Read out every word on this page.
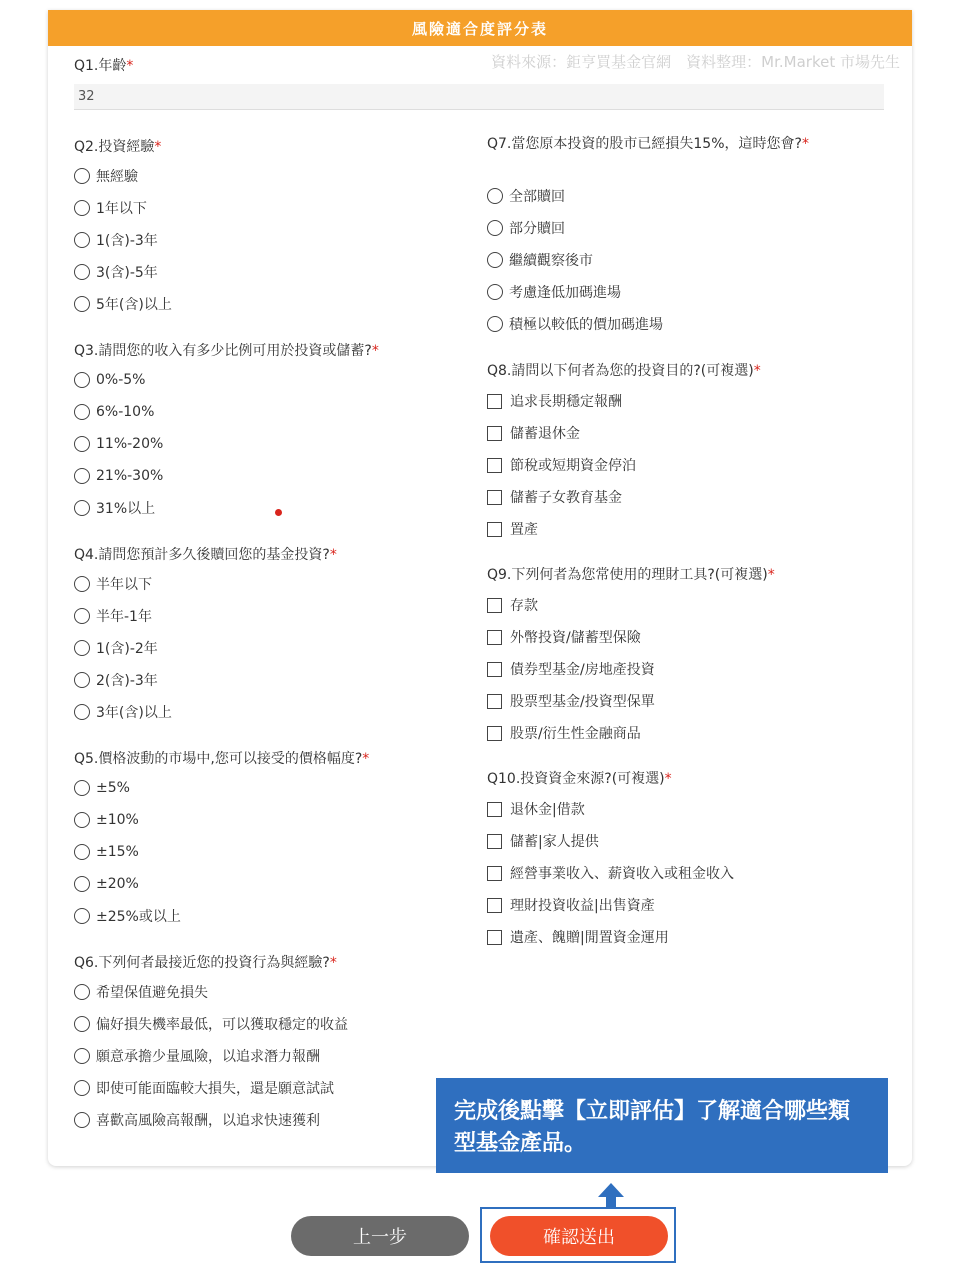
風險適合度評分表
資料來源：鉅亨買基金官網　資料整理：Mr.Market 市場先生
Q1.年齡*
32
Q2.投資經驗*
無經驗
1年以下
1(含)-3年
3(含)-5年
5年(含)以上
Q3.請問您的收入有多少比例可用於投資或儲蓄?*
0%-5%
6%-10%
11%-20%
21%-30%
31%以上
Q4.請問您預計多久後贖回您的基金投資?*
半年以下
半年-1年
1(含)-2年
2(含)-3年
3年(含)以上
Q5.價格波動的市場中,您可以接受的價格幅度?*
±5%
±10%
±15%
±20%
±25%或以上
Q6.下列何者最接近您的投資行為與經驗?*
希望保值避免損失
偏好損失機率最低，可以獲取穩定的收益
願意承擔少量風險，以追求潛力報酬
即使可能面臨較大損失，還是願意試試
喜歡高風險高報酬，以追求快速獲利
Q7.當您原本投資的股市已經損失15%，這時您會?*
全部贖回
部分贖回
繼續觀察後市
考慮逢低加碼進場
積極以較低的價加碼進場
Q8.請問以下何者為您的投資目的?(可複選)*
追求長期穩定報酬
儲蓄退休金
節稅或短期資金停泊
儲蓄子女教育基金
置產
Q9.下列何者為您常使用的理財工具?(可複選)*
存款
外幣投資/儲蓄型保險
債券型基金/房地產投資
股票型基金/投資型保單
股票/衍生性金融商品
Q10.投資資金來源?(可複選)*
退休金|借款
儲蓄|家人提供
經營事業收入、薪資收入或租金收入
理財投資收益|出售資產
遺產、餽贈|閒置資金運用
完成後點擊【立即評估】了解適合哪些類型基金產品。
上一步	確認送出
